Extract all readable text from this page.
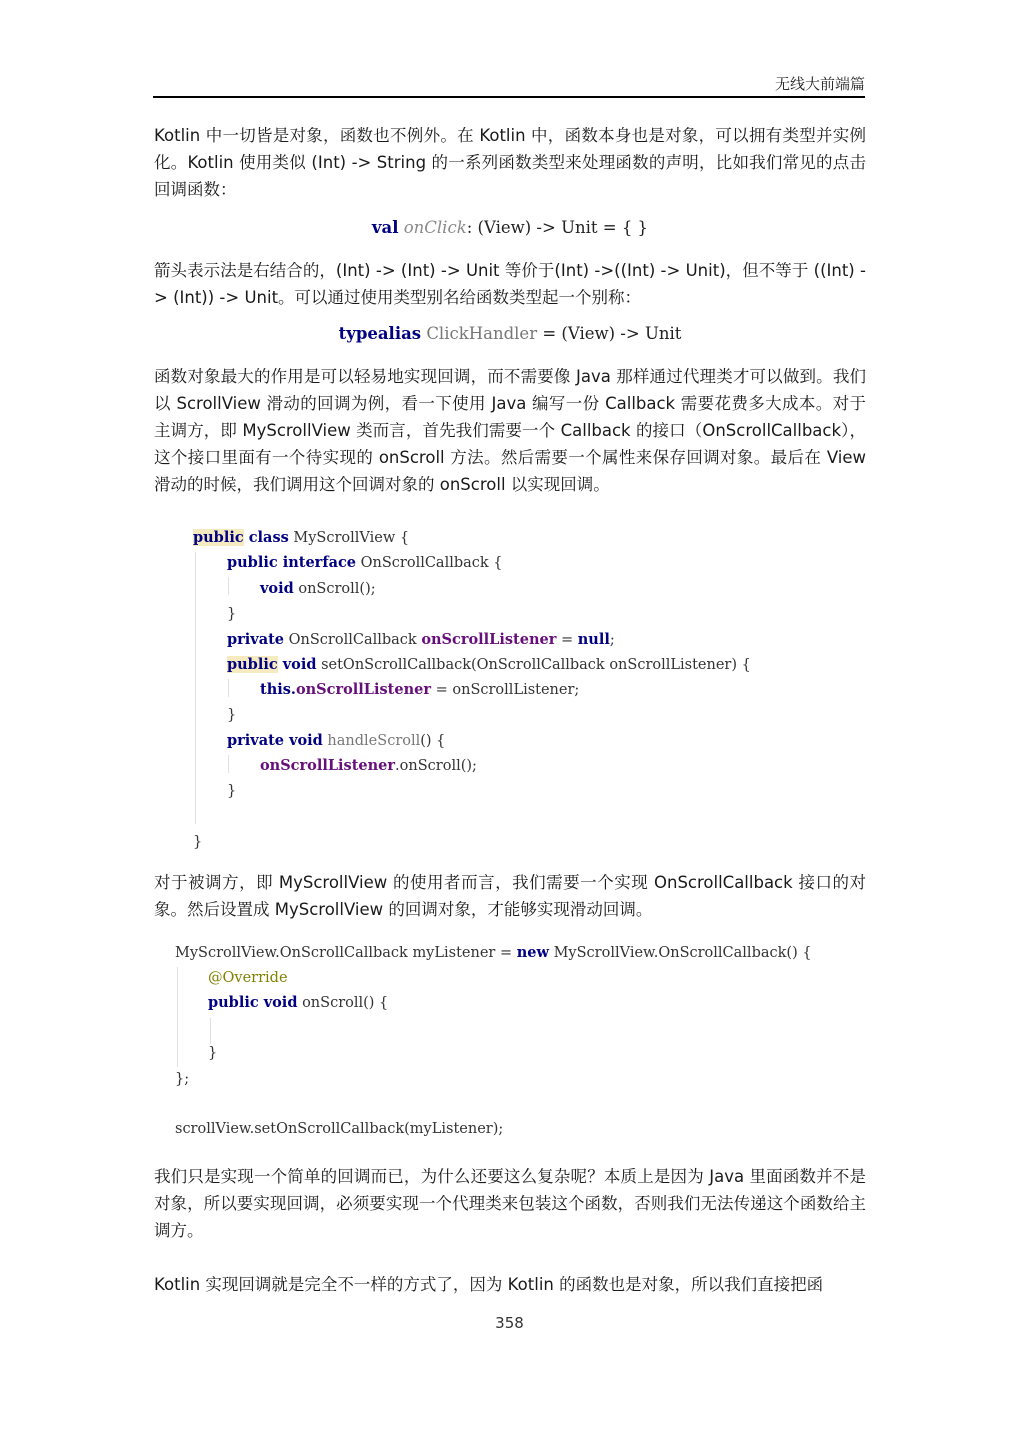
无线大前端篇

Kotlin 中一切皆是对象，函数也不例外。在 Kotlin 中，函数本身也是对象，可以拥有类型并实例化。Kotlin 使用类似 (Int) -> String 的一系列函数类型来处理函数的声明，比如我们常见的点击回调函数：

val onClick: (View) -> Unit = { }

箭头表示法是右结合的，(Int) -> (Int) -> Unit 等价于(Int) ->((Int) -> Unit)，但不等于 ((Int) -> (Int)) -> Unit。可以通过使用类型别名给函数类型起一个别称：

typealias ClickHandler = (View) -> Unit

函数对象最大的作用是可以轻易地实现回调，而不需要像 Java 那样通过代理类才可以做到。我们以 ScrollView 滑动的回调为例，看一下使用 Java 编写一份 Callback 需要花费多大成本。对于主调方，即 MyScrollView 类而言，首先我们需要一个 Callback 的接口（OnScrollCallback），这个接口里面有一个待实现的 onScroll 方法。然后需要一个属性来保存回调对象。最后在 View 滑动的时候，我们调用这个回调对象的 onScroll 以实现回调。

public class MyScrollView {
public interface OnScrollCallback {
void onScroll();
}
private OnScrollCallback onScrollListener = null;
public void setOnScrollCallback(OnScrollCallback onScrollListener) {
this.onScrollListener = onScrollListener;
}
private void handleScroll() {
onScrollListener.onScroll();
}
}

对于被调方，即 MyScrollView 的使用者而言，我们需要一个实现 OnScrollCallback 接口的对象。然后设置成 MyScrollView 的回调对象，才能够实现滑动回调。

MyScrollView.OnScrollCallback myListener = new MyScrollView.OnScrollCallback() {
@Override
public void onScroll() {
}
};
scrollView.setOnScrollCallback(myListener);

我们只是实现一个简单的回调而已，为什么还要这么复杂呢？本质上是因为 Java 里面函数并不是对象，所以要实现回调，必须要实现一个代理类来包装这个函数，否则我们无法传递这个函数给主调方。

Kotlin 实现回调就是完全不一样的方式了，因为 Kotlin 的函数也是对象，所以我们直接把函

358
